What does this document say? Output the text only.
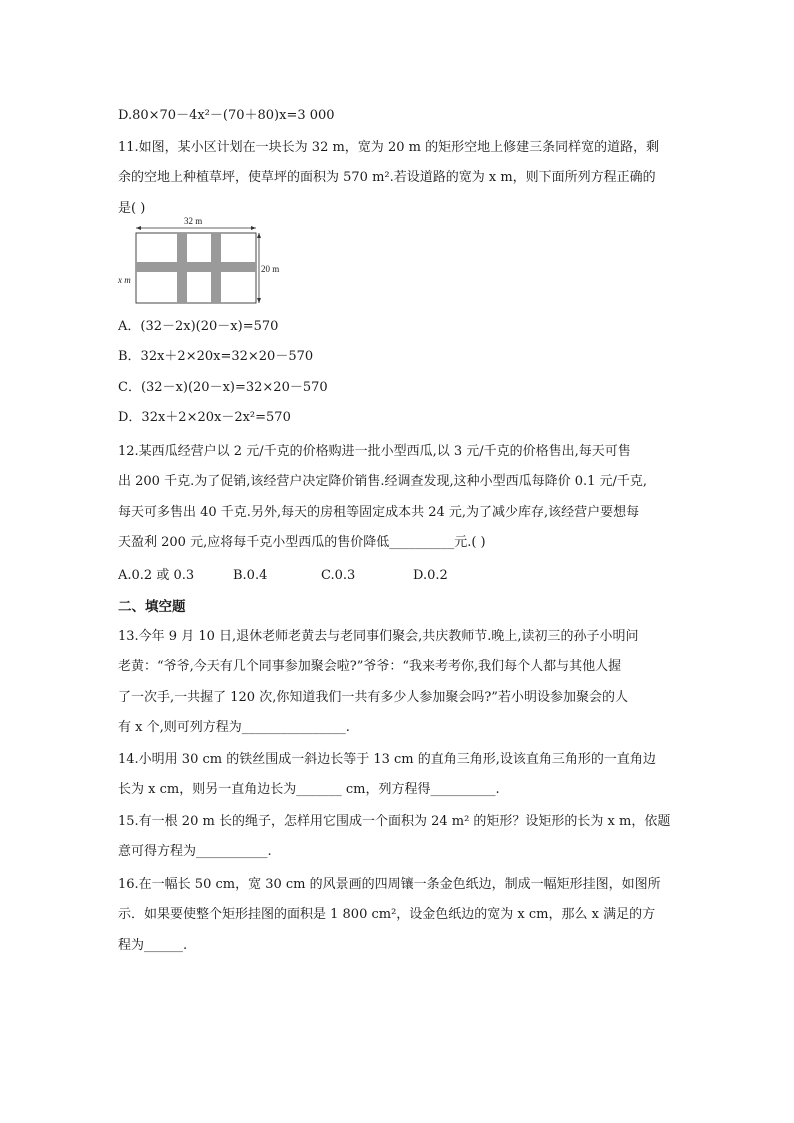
D.80×70－4x²－(70＋80)x=3 000
11.如图，某小区计划在一块长为 32 m，宽为 20 m 的矩形空地上修建三条同样宽的道路，剩
余的空地上种植草坪，使草坪的面积为 570 m².若设道路的宽为 x m，则下面所列方程正确的
是( )
32 m
20 m
x m
A．(32－2x)(20－x)=570
B．32x＋2×20x=32×20－570
C．(32－x)(20－x)=32×20－570
D．32x＋2×20x－2x²=570
12.某西瓜经营户以 2 元/千克的价格购进一批小型西瓜,以 3 元/千克的价格售出,每天可售
出 200 千克.为了促销,该经营户决定降价销售.经调查发现,这种小型西瓜每降价 0.1 元/千克,
每天可多售出 40 千克.另外,每天的房租等固定成本共 24 元,为了减少库存,该经营户要想每
天盈利 200 元,应将每千克小型西瓜的售价降低__________元.( )
A.0.2 或 0.3	B.0.4	C.0.3	D.0.2
二、填空题
13.今年 9 月 10 日,退休老师老黄去与老同事们聚会,共庆教师节.晚上,读初三的孙子小明问
老黄：“爷爷,今天有几个同事参加聚会啦?”爷爷：“我来考考你,我们每个人都与其他人握
了一次手,一共握了 120 次,你知道我们一共有多少人参加聚会吗?”若小明设参加聚会的人
有 x 个,则可列方程为________________.
14.小明用 30 cm 的铁丝围成一斜边长等于 13 cm 的直角三角形,设该直角三角形的一直角边
长为 x cm，则另一直角边长为_______ cm，列方程得__________.
15.有一根 20 m 长的绳子，怎样用它围成一个面积为 24 m² 的矩形？设矩形的长为 x m，依题
意可得方程为___________.
16.在一幅长 50 cm，宽 30 cm 的风景画的四周镶一条金色纸边，制成一幅矩形挂图，如图所
示．如果要使整个矩形挂图的面积是 1 800 cm²，设金色纸边的宽为 x cm，那么 x 满足的方
程为______.
